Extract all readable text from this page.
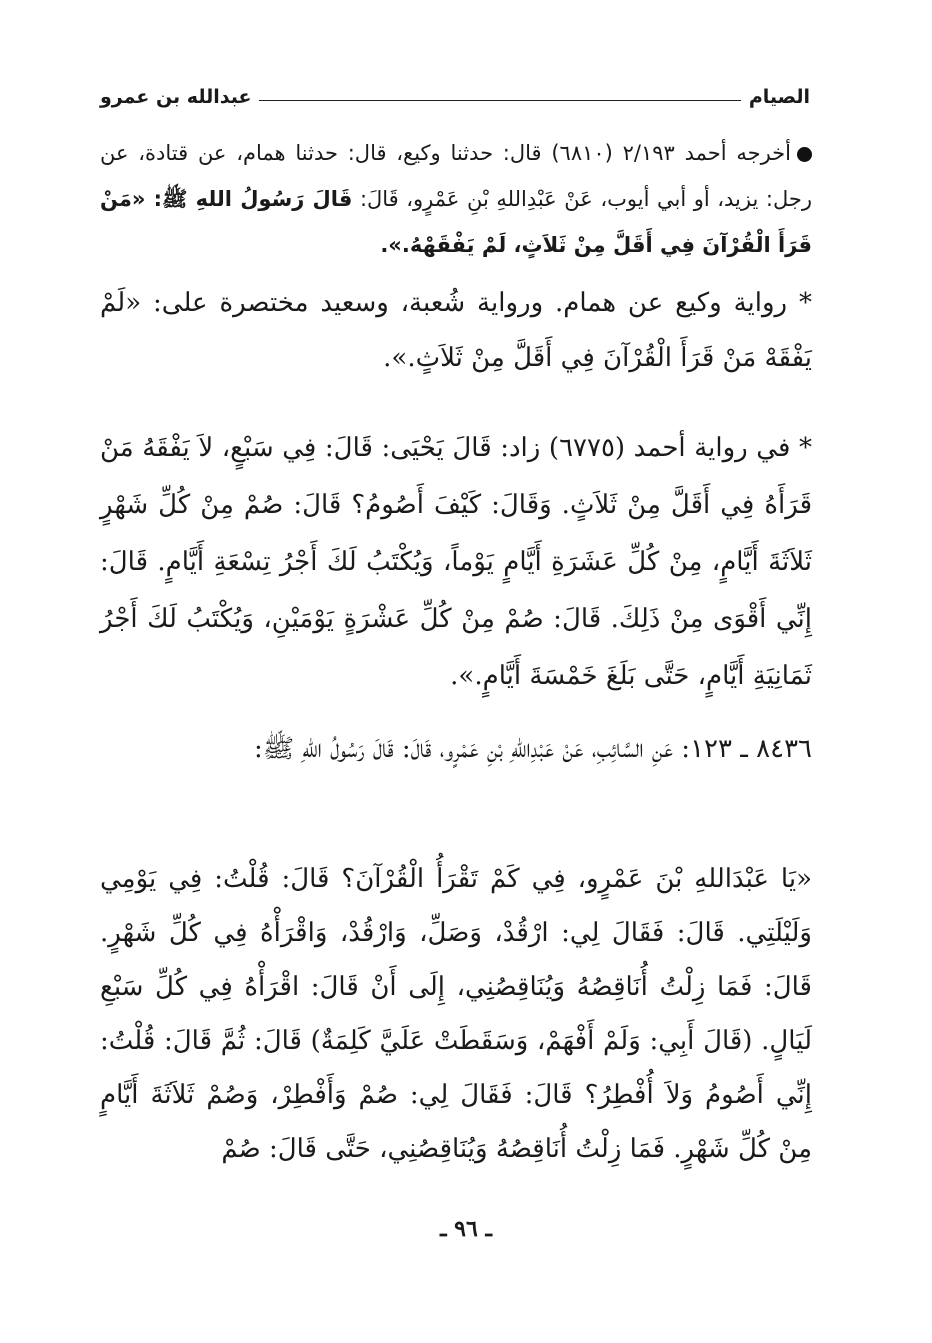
الصيام
عبدالله بن عمرو

أخرجه أحمد ٢/١٩٣ (٦٨١٠) قال: حدثنا وكيع، قال: حدثنا همام، عن قتادة، عن رجل: يزيد، أو أبي أيوب، عَنْ عَبْدِاللهِ بْنِ عَمْرٍو، قَالَ: قَالَ رَسُولُ اللهِ ﷺ: «مَنْ قَرَأَ الْقُرْآنَ فِي أَقَلَّ مِنْ ثَلاَثٍ، لَمْ يَفْقَهْهُ.».

* رواية وكيع عن همام. ورواية شُعبة، وسعيد مختصرة على: «لَمْ يَفْقَهْ مَنْ قَرَأَ الْقُرْآنَ فِي أَقَلَّ مِنْ ثَلاَثٍ.».

* في رواية أحمد (٦٧٧٥) زاد: قَالَ يَحْيَى: قَالَ: فِي سَبْعٍ، لاَ يَفْقَهُ مَنْ قَرَأَهُ فِي أَقَلَّ مِنْ ثَلاَثٍ. وَقَالَ: كَيْفَ أَصُومُ؟ قَالَ: صُمْ مِنْ كُلِّ شَهْرٍ ثَلاَثَةَ أَيَّامٍ، مِنْ كُلِّ عَشَرَةِ أَيَّامٍ يَوْماً، وَيُكْتَبُ لَكَ أَجْرُ تِسْعَةِ أَيَّامٍ. قَالَ: إِنِّي أَقْوَى مِنْ ذَلِكَ. قَالَ: صُمْ مِنْ كُلِّ عَشْرَةٍ يَوْمَيْنِ، وَيُكْتَبُ لَكَ أَجْرُ ثَمَانِيَةِ أَيَّامٍ، حَتَّى بَلَغَ خَمْسَةَ أَيَّامٍ.».

٨٤٣٦ ـ ١٢٣: عَنِ السَّائِبِ، عَنْ عَبْدِاللهِ بْنِ عَمْرٍو، قَالَ: قَالَ رَسُولُ اللهِ ﷺ:

«يَا عَبْدَاللهِ بْنَ عَمْرٍو، فِي كَمْ تَقْرَأُ الْقُرْآنَ؟ قَالَ: قُلْتُ: فِي يَوْمِي وَلَيْلَتِي. قَالَ: فَقَالَ لِي: ارْقُدْ، وَصَلِّ، وَارْقُدْ، وَاقْرَأْهُ فِي كُلِّ شَهْرٍ. قَالَ: فَمَا زِلْتُ أُنَاقِصُهُ وَيُنَاقِصُنِي، إِلَى أَنْ قَالَ: اقْرَأْهُ فِي كُلِّ سَبْعِ لَيَالٍ. (قَالَ أَبِي: وَلَمْ أَفْهَمْ، وَسَقَطَتْ عَلَيَّ كَلِمَةٌ) قَالَ: ثُمَّ قَالَ: قُلْتُ: إِنِّي أَصُومُ وَلاَ أُفْطِرُ؟ قَالَ: فَقَالَ لِي: صُمْ وَأَفْطِرْ، وَصُمْ ثَلاَثَةَ أَيَّامٍ مِنْ كُلِّ شَهْرٍ. فَمَا زِلْتُ أُنَاقِصُهُ وَيُنَاقِصُنِي، حَتَّى قَالَ: صُمْ

ـ ٩٦ ـ
